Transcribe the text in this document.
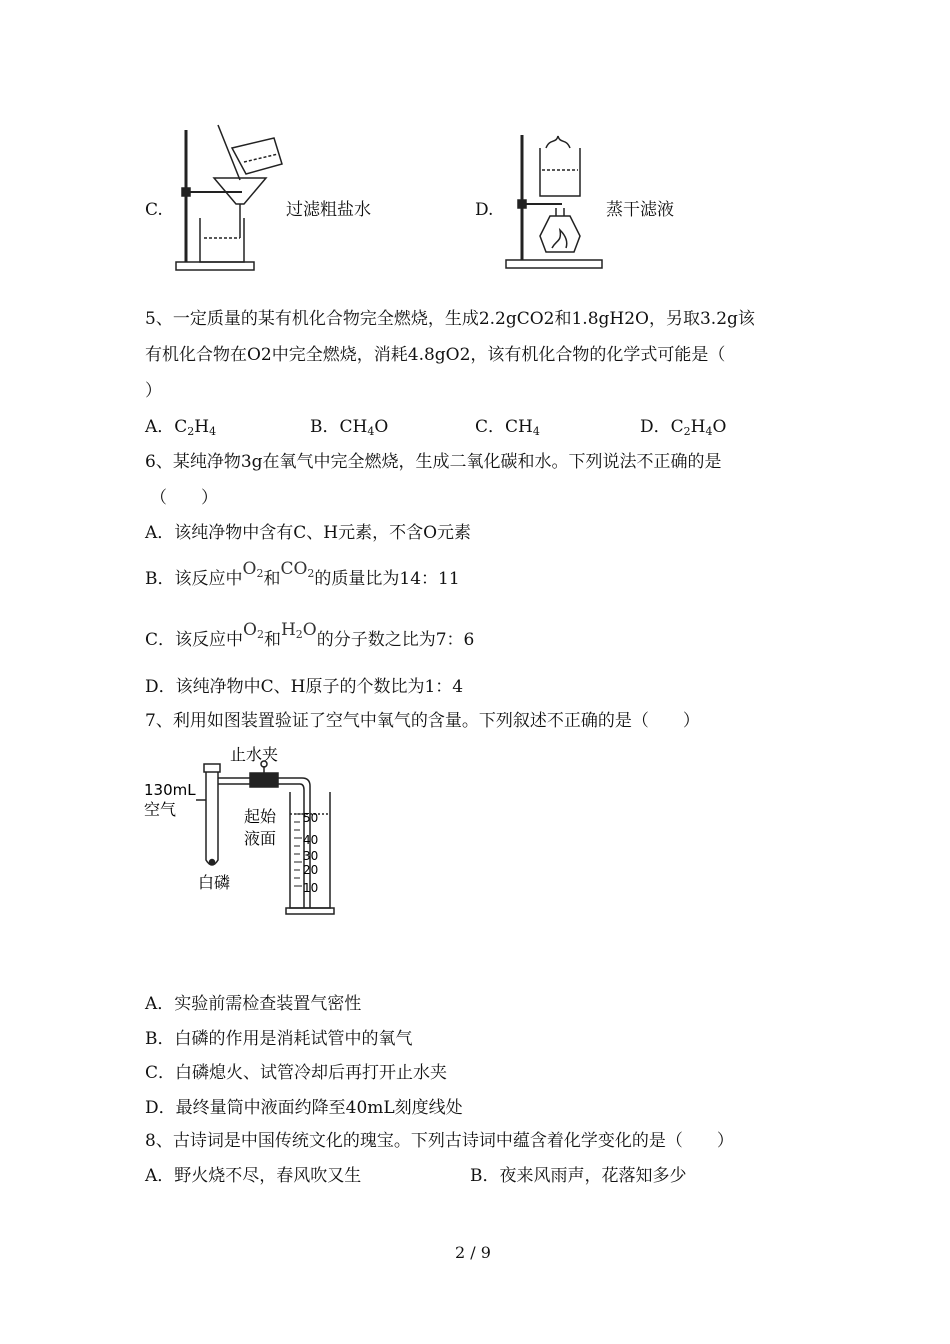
C.	过滤粗盐水	D.	蒸干滤液
5、一定质量的某有机化合物完全燃烧，生成2.2gCO2和1.8gH2O，另取3.2g该
有机化合物在O2中完全燃烧，消耗4.8gO2，该有机化合物的化学式可能是（
）
A．$C_2H_4$	B．$CH_4O$	C．$CH_4$	D．$C_2H_4O$
6、某纯净物3g在氧气中完全燃烧，生成二氧化碳和水。下列说法不正确的是
（　　）
A．该纯净物中含有C、H元素，不含O元素
B．该反应中$O_2$和$CO_2$的质量比为14：11
C．该反应中$O_2$和$H_2O$的分子数之比为7：6
D．该纯净物中C、H原子的个数比为1：4
7、利用如图装置验证了空气中氧气的含量。下列叙述不正确的是（　　）
止水夹
130mL
空气	起始
液面
白磷
50
40
30
20
10
A．实验前需检查装置气密性
B．白磷的作用是消耗试管中的氧气
C．白磷熄火、试管冷却后再打开止水夹
D．最终量筒中液面约降至40mL刻度线处
8、古诗词是中国传统文化的瑰宝。下列古诗词中蕴含着化学变化的是（　　）
A．野火烧不尽，春风吹又生	B．夜来风雨声，花落知多少
2 / 9
